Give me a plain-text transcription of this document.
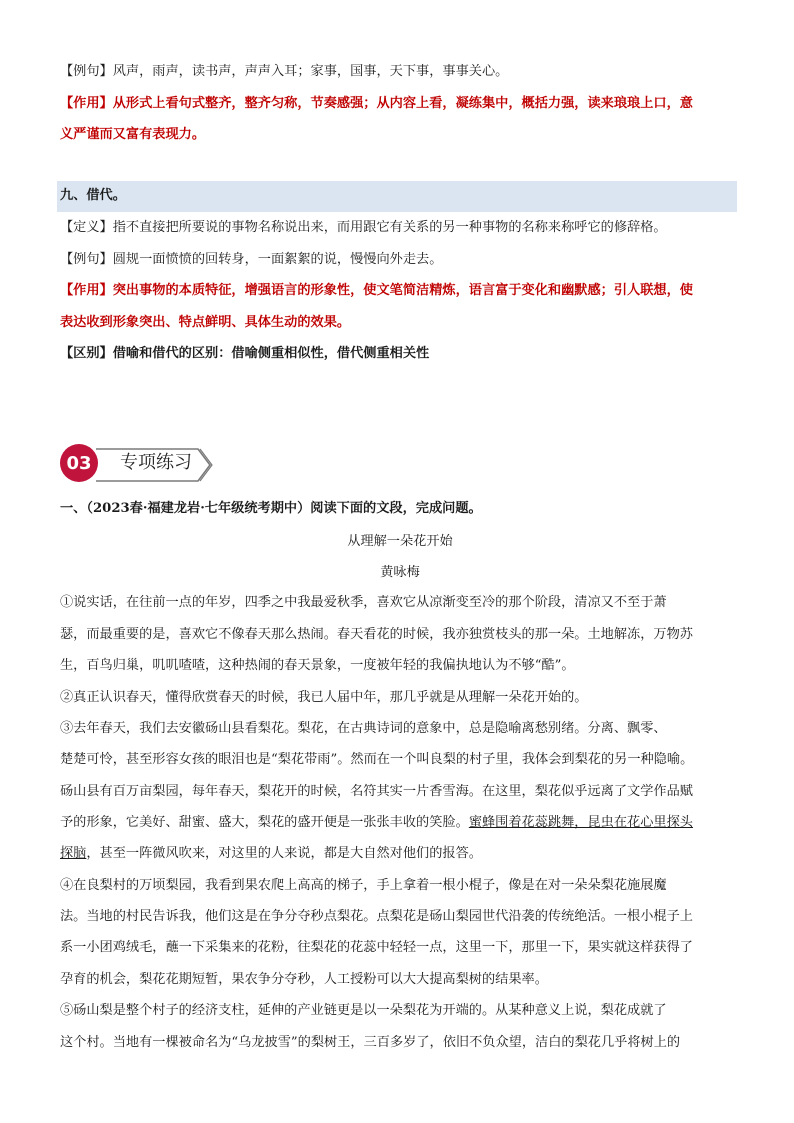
【例句】风声，雨声，读书声，声声入耳；家事，国事，天下事，事事关心。
【作用】从形式上看句式整齐，整齐匀称，节奏感强；从内容上看，凝练集中，概括力强，读来琅琅上口，意
义严谨而又富有表现力。
九、借代。
【定义】指不直接把所要说的事物名称说出来，而用跟它有关系的另一种事物的名称来称呼它的修辞格。
【例句】圆规一面愤愤的回转身，一面絮絮的说，慢慢向外走去。
【作用】突出事物的本质特征，增强语言的形象性，使文笔简洁精炼，语言富于变化和幽默感；引人联想，使
表达收到形象突出、特点鲜明、具体生动的效果。
【区别】借喻和借代的区别：借喻侧重相似性，借代侧重相关性
03	专项练习
一、（2023春·福建龙岩·七年级统考期中）阅读下面的文段，完成问题。
从理解一朵花开始
黄咏梅
①说实话，在往前一点的年岁，四季之中我最爱秋季，喜欢它从凉渐变至冷的那个阶段，清凉又不至于萧
瑟，而最重要的是，喜欢它不像春天那么热闹。春天看花的时候，我亦独赏枝头的那一朵。土地解冻，万物苏
生，百鸟归巢，叽叽喳喳，这种热闹的春天景象，一度被年轻的我偏执地认为不够“酷”。
②真正认识春天，懂得欣赏春天的时候，我已人届中年，那几乎就是从理解一朵花开始的。
③去年春天，我们去安徽砀山县看梨花。梨花，在古典诗词的意象中，总是隐喻离愁别绪。分离、飘零、
楚楚可怜，甚至形容女孩的眼泪也是“梨花带雨”。然而在一个叫良梨的村子里，我体会到梨花的另一种隐喻。
砀山县有百万亩梨园，每年春天，梨花开的时候，名符其实一片香雪海。在这里，梨花似乎远离了文学作品赋
予的形象，它美好、甜蜜、盛大，梨花的盛开便是一张张丰收的笑脸。蜜蜂围着花蕊跳舞，昆虫在花心里探头
探脑，甚至一阵微风吹来，对这里的人来说，都是大自然对他们的报答。
④在良梨村的万顷梨园，我看到果农爬上高高的梯子，手上拿着一根小棍子，像是在对一朵朵梨花施展魔
法。当地的村民告诉我，他们这是在争分夺秒点梨花。点梨花是砀山梨园世代沿袭的传统绝活。一根小棍子上
系一小团鸡绒毛，蘸一下采集来的花粉，往梨花的花蕊中轻轻一点，这里一下，那里一下，果实就这样获得了
孕育的机会，梨花花期短暂，果农争分夺秒，人工授粉可以大大提高梨树的结果率。
⑤砀山梨是整个村子的经济支柱，延伸的产业链更是以一朵梨花为开端的。从某种意义上说，梨花成就了
这个村。当地有一棵被命名为“乌龙披雪”的梨树王，三百多岁了，依旧不负众望，洁白的梨花几乎将树上的
